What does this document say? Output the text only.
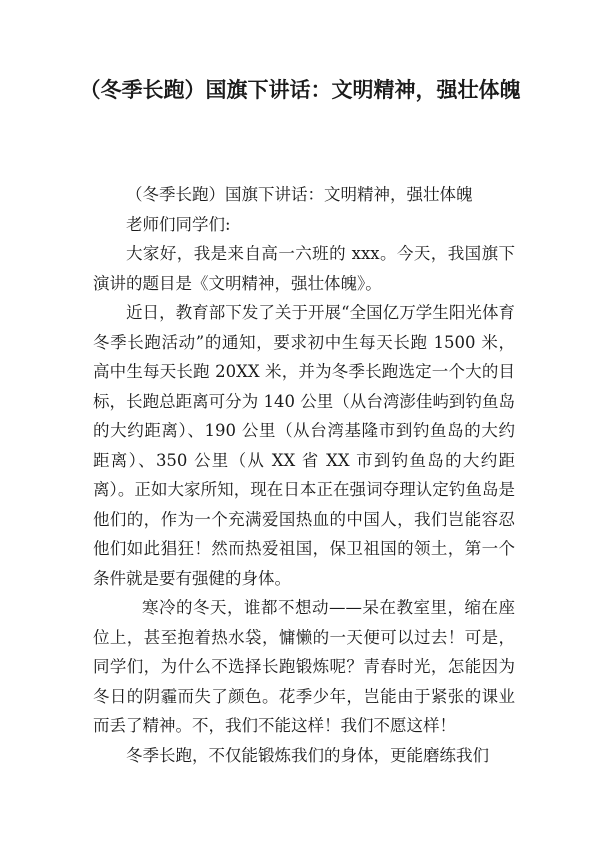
（冬季长跑）国旗下讲话：文明精神，强壮体魄

（冬季长跑）国旗下讲话：文明精神，强壮体魄

老师们同学们:

大家好，我是来自高一六班的 xxx。今天，我国旗下演讲的题目是《文明精神，强壮体魄》。

近日，教育部下发了关于开展“全国亿万学生阳光体育冬季长跑活动”的通知，要求初中生每天长跑 1500 米，高中生每天长跑 20XX 米，并为冬季长跑选定一个大的目标，长跑总距离可分为 140 公里（从台湾澎佳屿到钓鱼岛的大约距离）、190 公里（从台湾基隆市到钓鱼岛的大约距离）、350 公里（从 XX 省 XX 市到钓鱼岛的大约距离）。正如大家所知，现在日本正在强词夺理认定钓鱼岛是他们的，作为一个充满爱国热血的中国人，我们岂能容忍他们如此猖狂！然而热爱祖国，保卫祖国的领土，第一个条件就是要有强健的身体。

寒冷的冬天，谁都不想动——呆在教室里，缩在座位上，甚至抱着热水袋，慵懒的一天便可以过去！可是，同学们，为什么不选择长跑锻炼呢？青春时光，怎能因为冬日的阴霾而失了颜色。花季少年，岂能由于紧张的课业而丢了精神。不，我们不能这样！我们不愿这样！

冬季长跑，不仅能锻炼我们的身体，更能磨练我们
